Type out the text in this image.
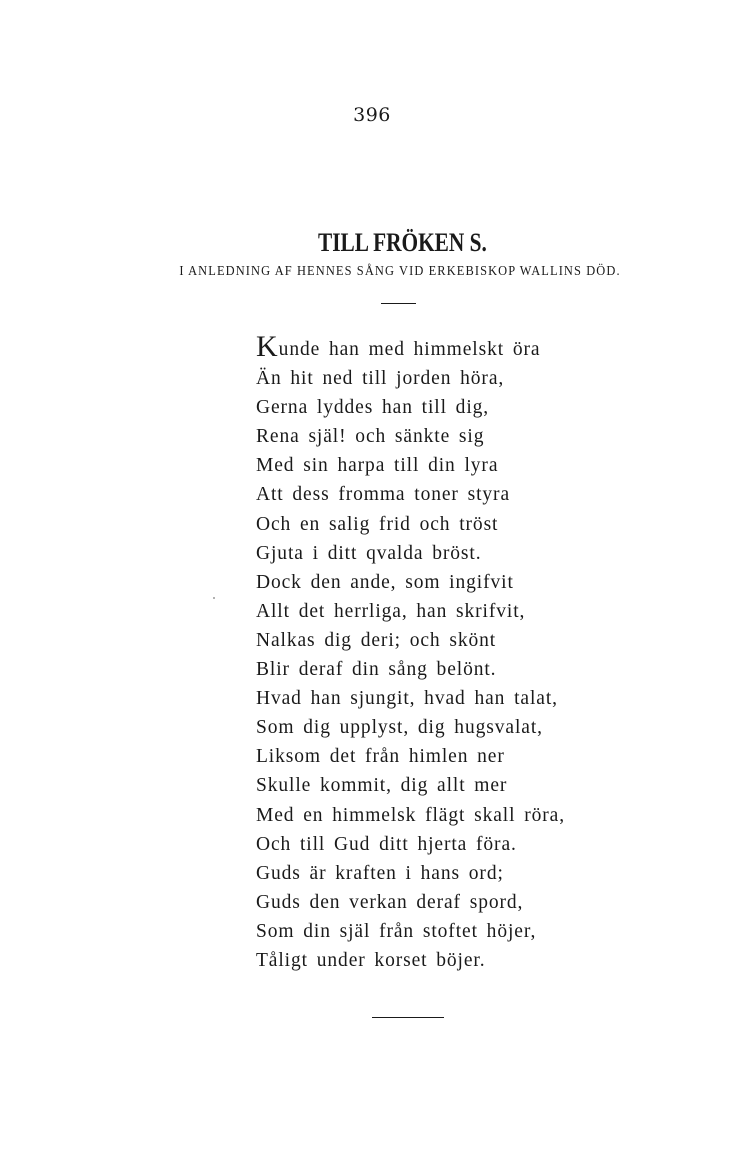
396
TILL FRÖKEN S.
I ANLEDNING AF HENNES SÅNG VID ERKEBISKOP WALLINS DÖD.
Kunde han med himmelskt öra
Än hit ned till jorden höra,
Gerna lyddes han till dig,
Rena själ! och sänkte sig
Med sin harpa till din lyra
Att dess fromma toner styra
Och en salig frid och tröst
Gjuta i ditt qvalda bröst.
Dock den ande, som ingifvit
Allt det herrliga, han skrifvit,
Nalkas dig deri; och skönt
Blir deraf din sång belönt.
Hvad han sjungit, hvad han talat,
Som dig upplyst, dig hugsvalat,
Liksom det från himlen ner
Skulle kommit, dig allt mer
Med en himmelsk flägt skall röra,
Och till Gud ditt hjerta föra.
Guds är kraften i hans ord;
Guds den verkan deraf spord,
Som din själ från stoftet höjer,
Tåligt under korset böjer.
